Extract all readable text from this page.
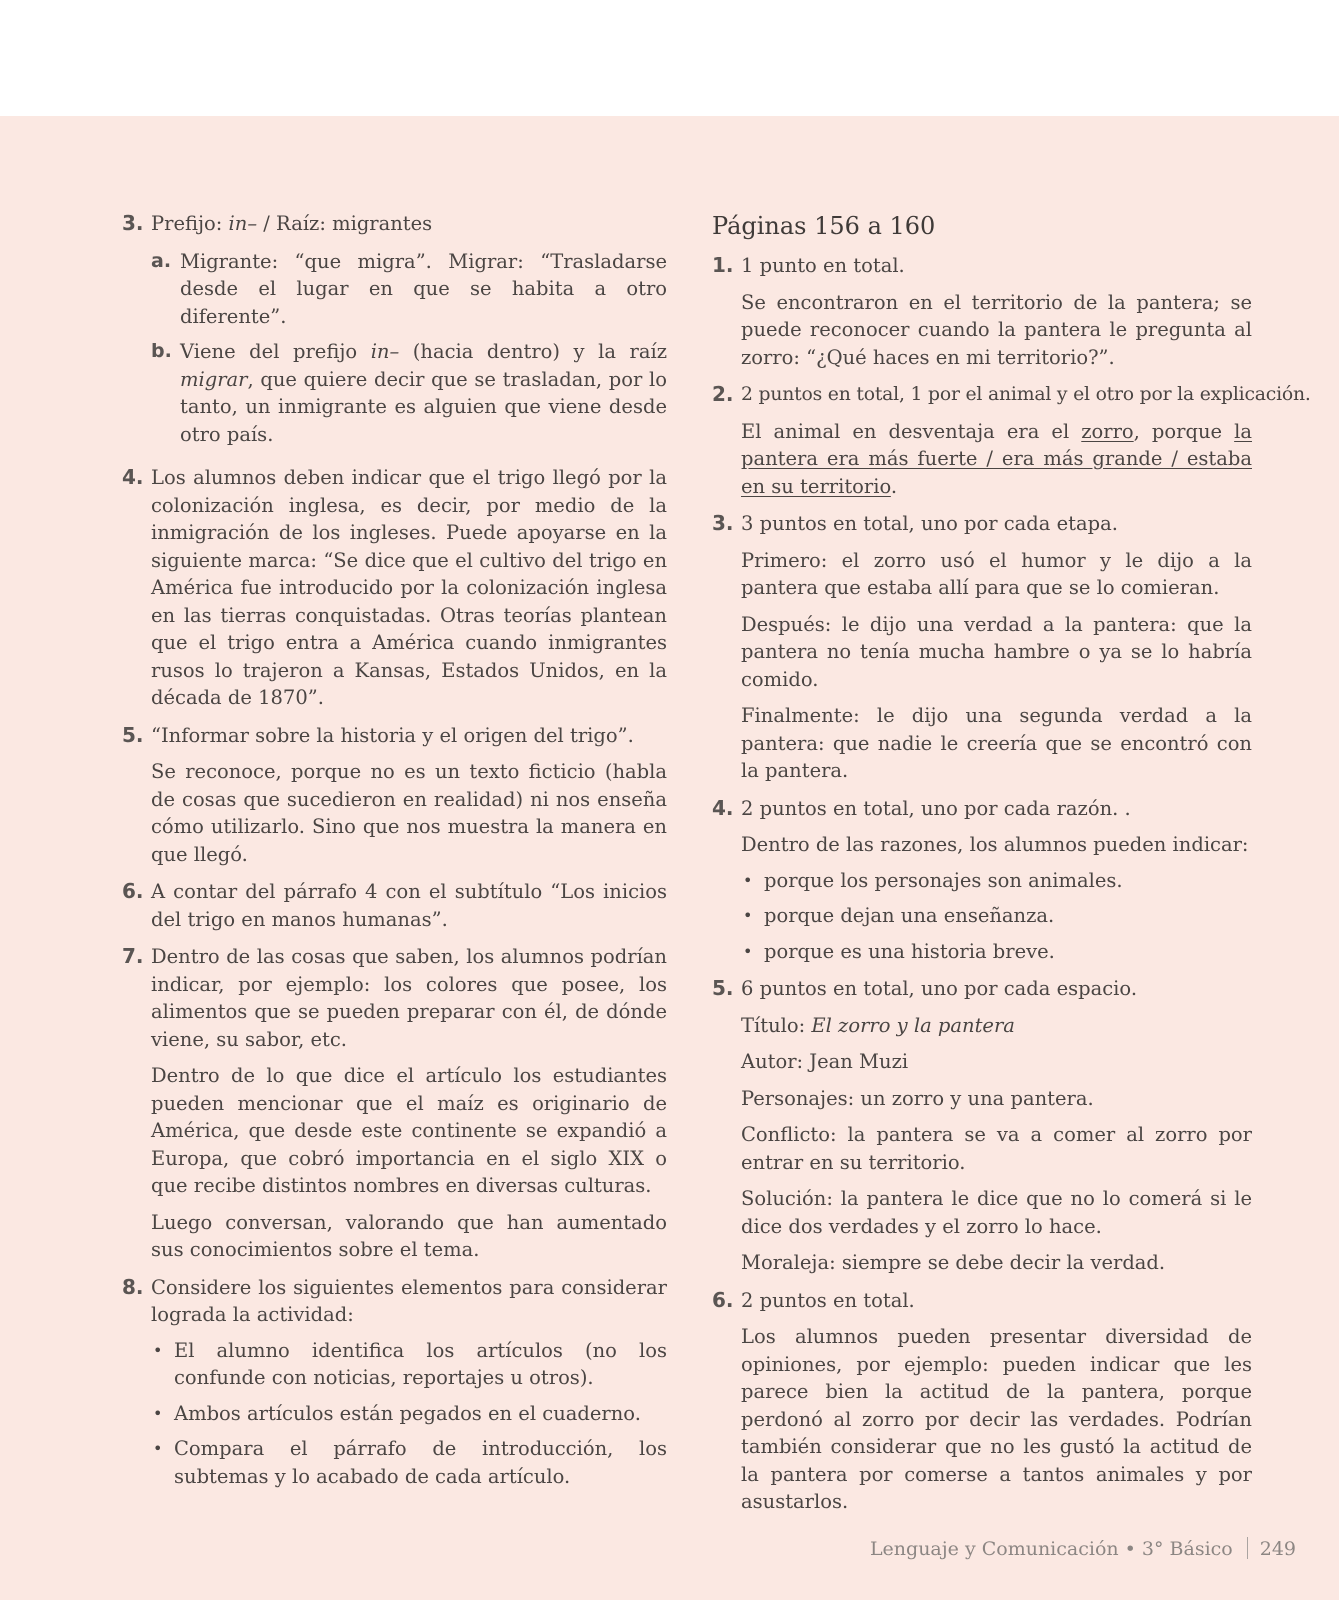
3. Prefijo: in– / Raíz: migrantes

a. Migrante: “que migra”. Migrar: “Trasladarse desde el lugar en que se habita a otro diferente”.

b. Viene del prefijo in– (hacia dentro) y la raíz migrar, que quiere decir que se trasladan, por lo tanto, un inmigrante es alguien que viene desde otro país.

4. Los alumnos deben indicar que el trigo llegó por la colonización inglesa, es decir, por medio de la inmigración de los ingleses. Puede apoyarse en la siguiente marca: “Se dice que el cultivo del trigo en América fue introducido por la colonización inglesa en las tierras conquistadas. Otras teorías plantean que el trigo entra a América cuando inmigrantes rusos lo trajeron a Kansas, Estados Unidos, en la década de 1870”.

5. “Informar sobre la historia y el origen del trigo”.

Se reconoce, porque no es un texto ficticio (habla de cosas que sucedieron en realidad) ni nos enseña cómo utilizarlo. Sino que nos muestra la manera en que llegó.

6. A contar del párrafo 4 con el subtítulo “Los inicios del trigo en manos humanas”.

7. Dentro de las cosas que saben, los alumnos podrían indicar, por ejemplo: los colores que posee, los alimentos que se pueden preparar con él, de dónde viene, su sabor, etc.

Dentro de lo que dice el artículo los estudiantes pueden mencionar que el maíz es originario de América, que desde este continente se expandió a Europa, que cobró importancia en el siglo XIX o que recibe distintos nombres en diversas culturas.

Luego conversan, valorando que han aumentado sus conocimientos sobre el tema.

8. Considere los siguientes elementos para considerar lograda la actividad:

• El alumno identifica los artículos (no los confunde con noticias, reportajes u otros).

• Ambos artículos están pegados en el cuaderno.

• Compara el párrafo de introducción, los subtemas y lo acabado de cada artículo.

Páginas 156 a 160

1. 1 punto en total.

Se encontraron en el territorio de la pantera; se puede reconocer cuando la pantera le pregunta al zorro: “¿Qué haces en mi territorio?”.

2. 2 puntos en total, 1 por el animal y el otro por la explicación.

El animal en desventaja era el zorro, porque la pantera era más fuerte / era más grande / estaba en su territorio.

3. 3 puntos en total, uno por cada etapa.

Primero: el zorro usó el humor y le dijo a la pantera que estaba allí para que se lo comieran.

Después: le dijo una verdad a la pantera: que la pantera no tenía mucha hambre o ya se lo habría comido.

Finalmente: le dijo una segunda verdad a la pantera: que nadie le creería que se encontró con la pantera.

4. 2 puntos en total, uno por cada razón. .

Dentro de las razones, los alumnos pueden indicar:

• porque los personajes son animales.

• porque dejan una enseñanza.

• porque es una historia breve.

5. 6 puntos en total, uno por cada espacio.

Título: El zorro y la pantera

Autor: Jean Muzi

Personajes: un zorro y una pantera.

Conflicto: la pantera se va a comer al zorro por entrar en su territorio.

Solución: la pantera le dice que no lo comerá si le dice dos verdades y el zorro lo hace.

Moraleja: siempre se debe decir la verdad.

6. 2 puntos en total.

Los alumnos pueden presentar diversidad de opiniones, por ejemplo: pueden indicar que les parece bien la actitud de la pantera, porque perdonó al zorro por decir las verdades. Podrían también considerar que no les gustó la actitud de la pantera por comerse a tantos animales y por asustarlos.

Lenguaje y Comunicación • 3° Básico 249
